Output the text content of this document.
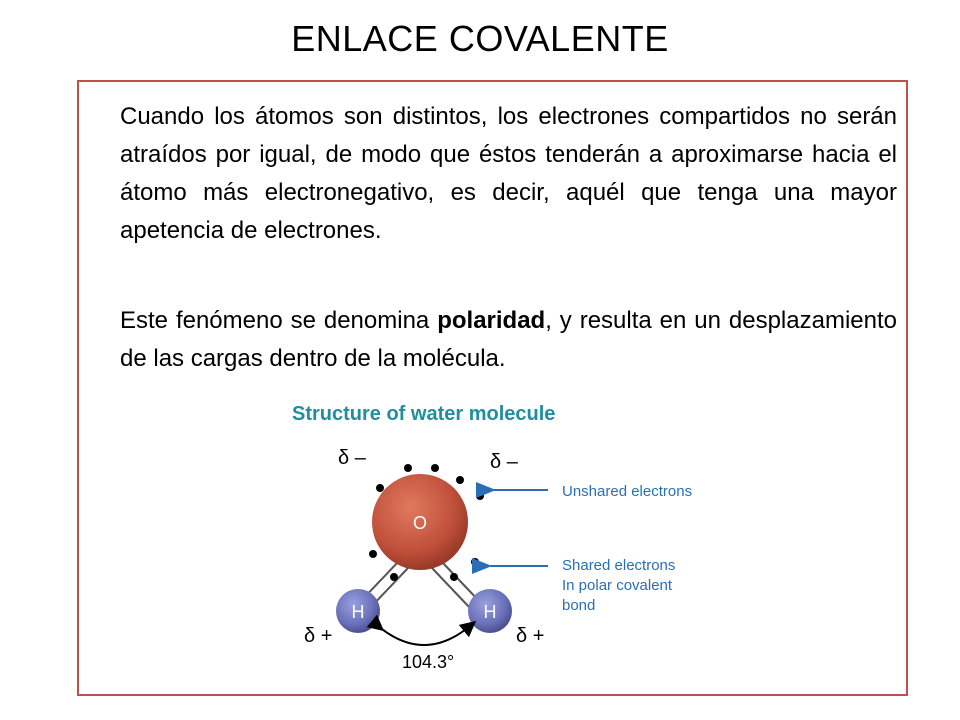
ENLACE COVALENTE
Cuando los átomos son distintos, los electrones compartidos no serán atraídos por igual, de modo que éstos tenderán a aproximarse hacia el átomo más electronegativo, es decir, aquél que tenga una mayor apetencia de electrones.
Este fenómeno se denomina polaridad, y resulta en un desplazamiento de las cargas dentro de la molécula.
Structure of water molecule
O
H	H
δ –	δ –
δ +	δ +
104.3°
Unshared electrons
Shared electrons
In polar covalent
bond
